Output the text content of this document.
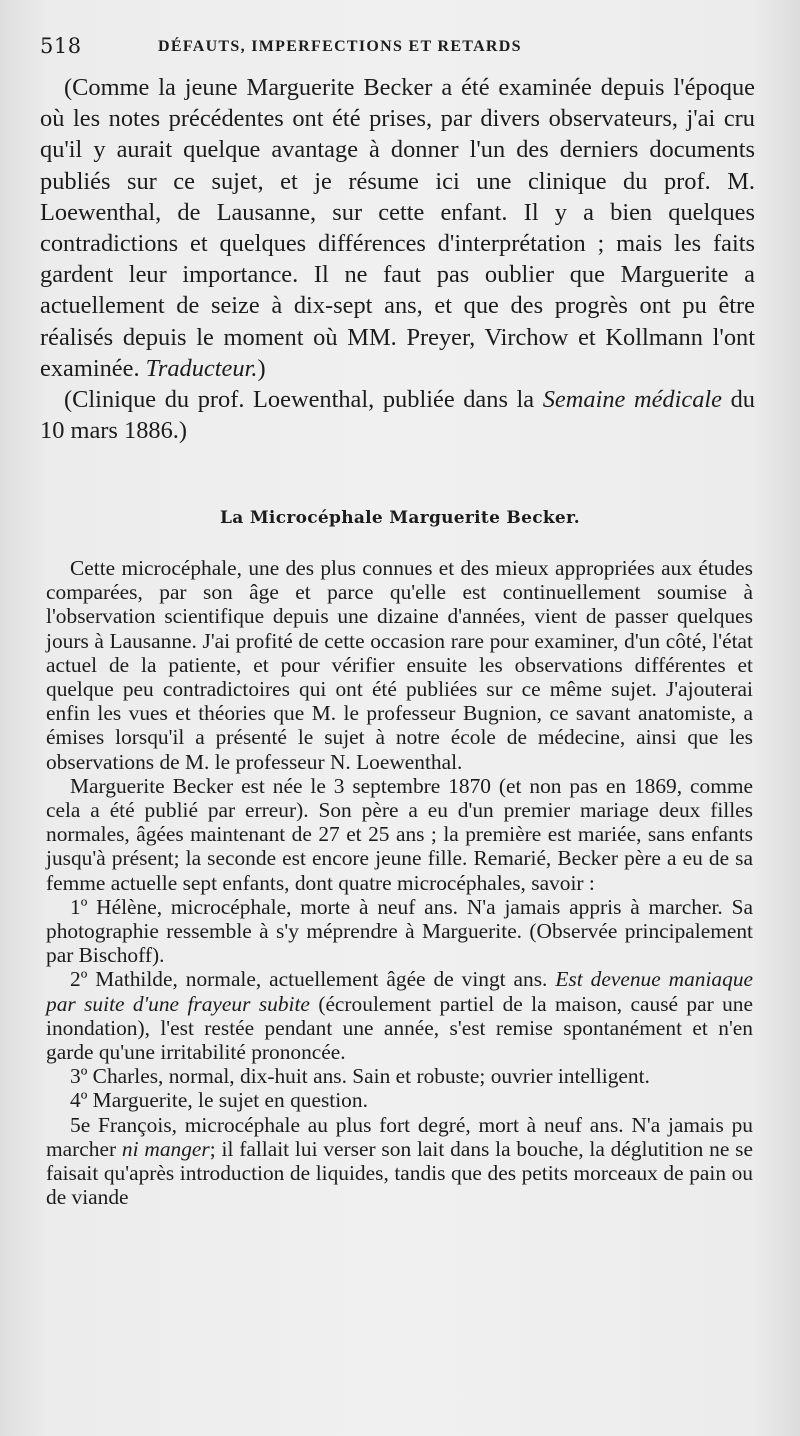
518	DÉFAUTS, IMPERFECTIONS ET RETARDS

(Comme la jeune Marguerite Becker a été examinée depuis l'époque où les notes précédentes ont été prises, par divers observateurs, j'ai cru qu'il y aurait quelque avantage à donner l'un des derniers documents publiés sur ce sujet, et je résume ici une clinique du prof. M. Loewenthal, de Lausanne, sur cette enfant. Il y a bien quelques contradictions et quelques différences d'interprétation ; mais les faits gardent leur importance. Il ne faut pas oublier que Marguerite a actuellement de seize à dix-sept ans, et que des progrès ont pu être réalisés depuis le moment où MM. Preyer, Virchow et Kollmann l'ont examinée. Traducteur.)

(Clinique du prof. Loewenthal, publiée dans la Semaine médicale du 10 mars 1886.)

La Microcéphale Marguerite Becker.

Cette microcéphale, une des plus connues et des mieux appropriées aux études comparées, par son âge et parce qu'elle est continuellement soumise à l'observation scientifique depuis une dizaine d'années, vient de passer quelques jours à Lausanne. J'ai profité de cette occasion rare pour examiner, d'un côté, l'état actuel de la patiente, et pour vérifier ensuite les observations différentes et quelque peu contradictoires qui ont été publiées sur ce même sujet. J'ajouterai enfin les vues et théories que M. le professeur Bugnion, ce savant anatomiste, a émises lorsqu'il a présenté le sujet à notre école de médecine, ainsi que les observations de M. le professeur N. Loewenthal.

Marguerite Becker est née le 3 septembre 1870 (et non pas en 1869, comme cela a été publié par erreur). Son père a eu d'un premier mariage deux filles normales, âgées maintenant de 27 et 25 ans ; la première est mariée, sans enfants jusqu'à présent; la seconde est encore jeune fille. Remarié, Becker père a eu de sa femme actuelle sept enfants, dont quatre microcéphales, savoir :

1º Hélène, microcéphale, morte à neuf ans. N'a jamais appris à marcher. Sa photographie ressemble à s'y méprendre à Marguerite. (Observée principalement par Bischoff).

2º Mathilde, normale, actuellement âgée de vingt ans. Est devenue maniaque par suite d'une frayeur subite (écroulement partiel de la maison, causé par une inondation), l'est restée pendant une année, s'est remise spontanément et n'en garde qu'une irritabilité prononcée.

3º Charles, normal, dix-huit ans. Sain et robuste; ouvrier intelligent.

4º Marguerite, le sujet en question.

5e François, microcéphale au plus fort degré, mort à neuf ans. N'a jamais pu marcher ni manger; il fallait lui verser son lait dans la bouche, la déglutition ne se faisait qu'après introduction de liquides, tandis que des petits morceaux de pain ou de viande
